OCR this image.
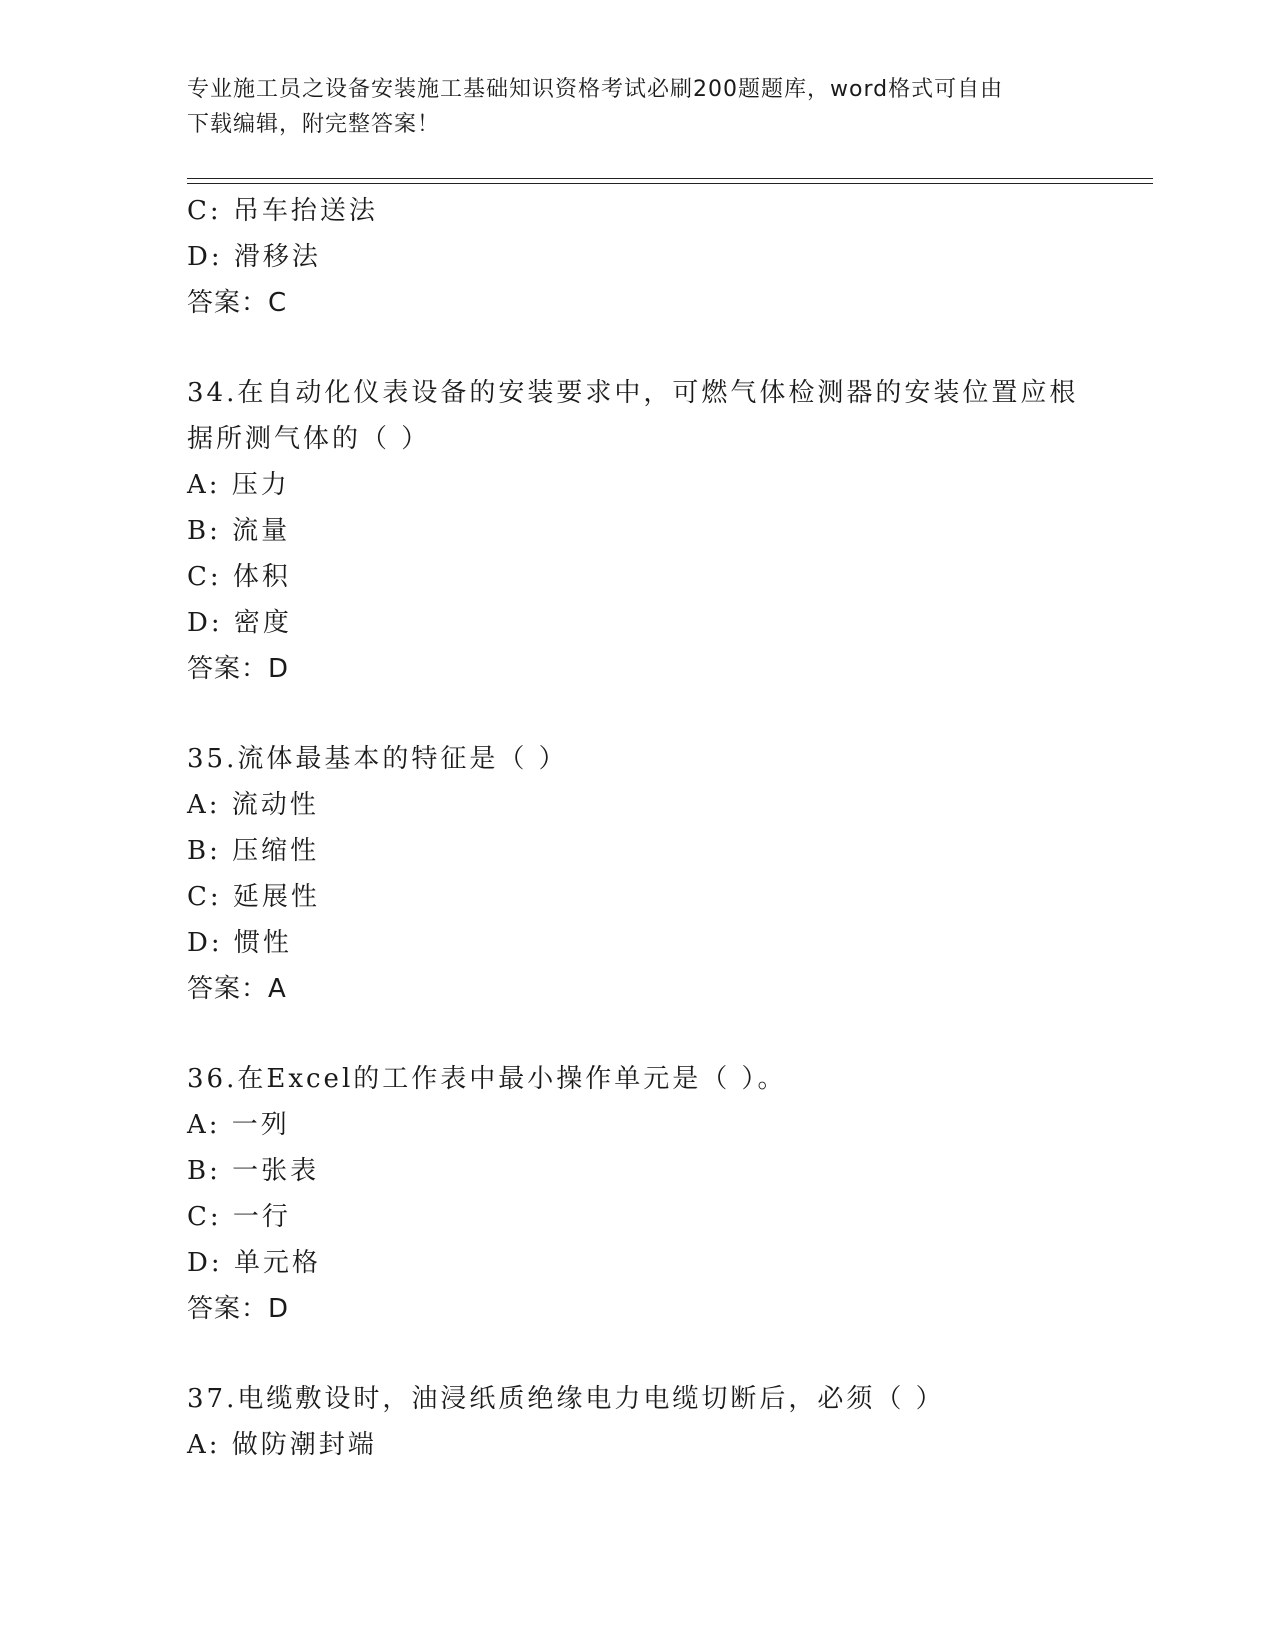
专业施工员之设备安装施工基础知识资格考试必刷200题题库，word格式可自由
下载编辑，附完整答案！
C: 吊车抬送法
D: 滑移法
答案：C
34.在自动化仪表设备的安装要求中，可燃气体检测器的安装位置应根
据所测气体的（ ）
A: 压力
B: 流量
C: 体积
D: 密度
答案：D
35.流体最基本的特征是（ ）
A: 流动性
B: 压缩性
C: 延展性
D: 惯性
答案：A
36.在Excel的工作表中最小操作单元是（ ）。
A: 一列
B: 一张表
C: 一行
D: 单元格
答案：D
37.电缆敷设时，油浸纸质绝缘电力电缆切断后，必须（ ）
A: 做防潮封端
